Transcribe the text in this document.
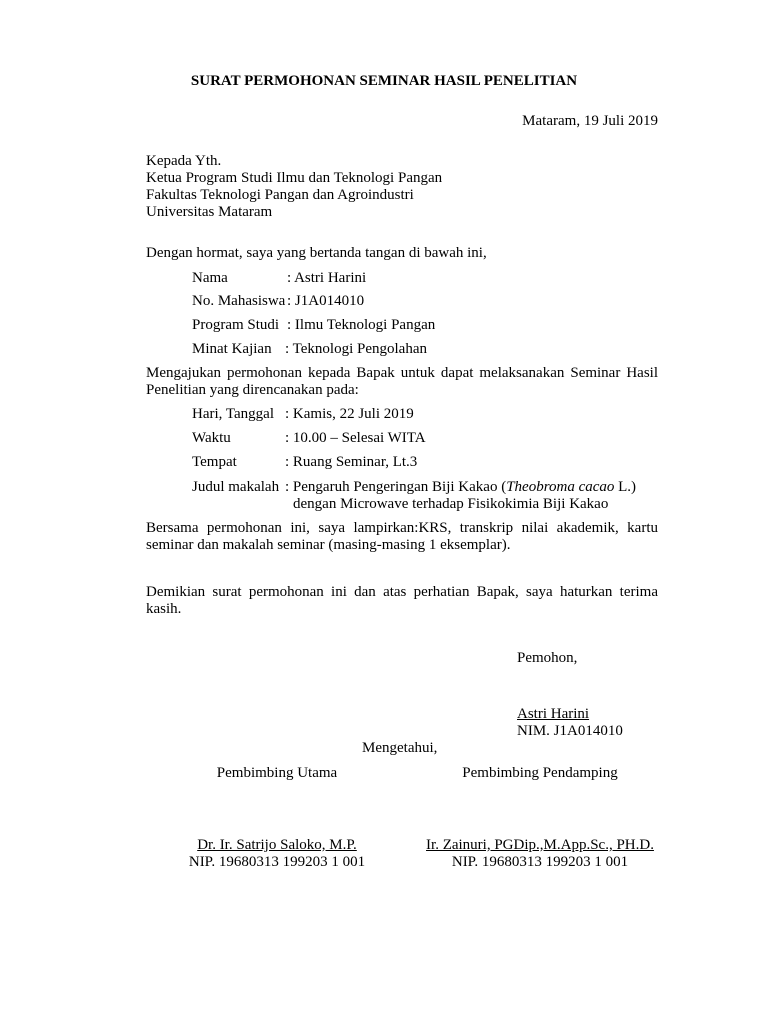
SURAT PERMOHONAN SEMINAR HASIL PENELITIAN
Mataram, 19 Juli 2019
Kepada Yth.
Ketua Program Studi Ilmu dan Teknologi Pangan
Fakultas Teknologi Pangan dan Agroindustri
Universitas Mataram
Dengan hormat, saya yang bertanda tangan di bawah ini,
Nama	: Astri Harini
No. Mahasiswa : J1A014010
Program Studi : Ilmu Teknologi Pangan
Minat Kajian : Teknologi Pengolahan
Mengajukan permohonan kepada Bapak untuk dapat melaksanakan Seminar Hasil Penelitian yang direncanakan pada:
Hari, Tanggal : Kamis, 22 Juli 2019
Waktu	: 10.00 – Selesai WITA
Tempat	: Ruang Seminar, Lt.3
Judul makalah : Pengaruh Pengeringan Biji Kakao (Theobroma cacao L.)
dengan Microwave terhadap Fisikokimia Biji Kakao
Bersama permohonan ini, saya lampirkan:KRS, transkrip nilai akademik, kartu seminar dan makalah seminar (masing-masing 1 eksemplar).
Demikian surat permohonan ini dan atas perhatian Bapak, saya haturkan terima kasih.
Pemohon,
Astri Harini
NIM. J1A014010
Mengetahui,
Pembimbing Utama	Pembimbing Pendamping
Dr. Ir. Satrijo Saloko, M.P.	Ir. Zainuri, PGDip.,M.App.Sc., PH.D.
NIP. 19680313 199203 1 001	NIP. 19680313 199203 1 001
